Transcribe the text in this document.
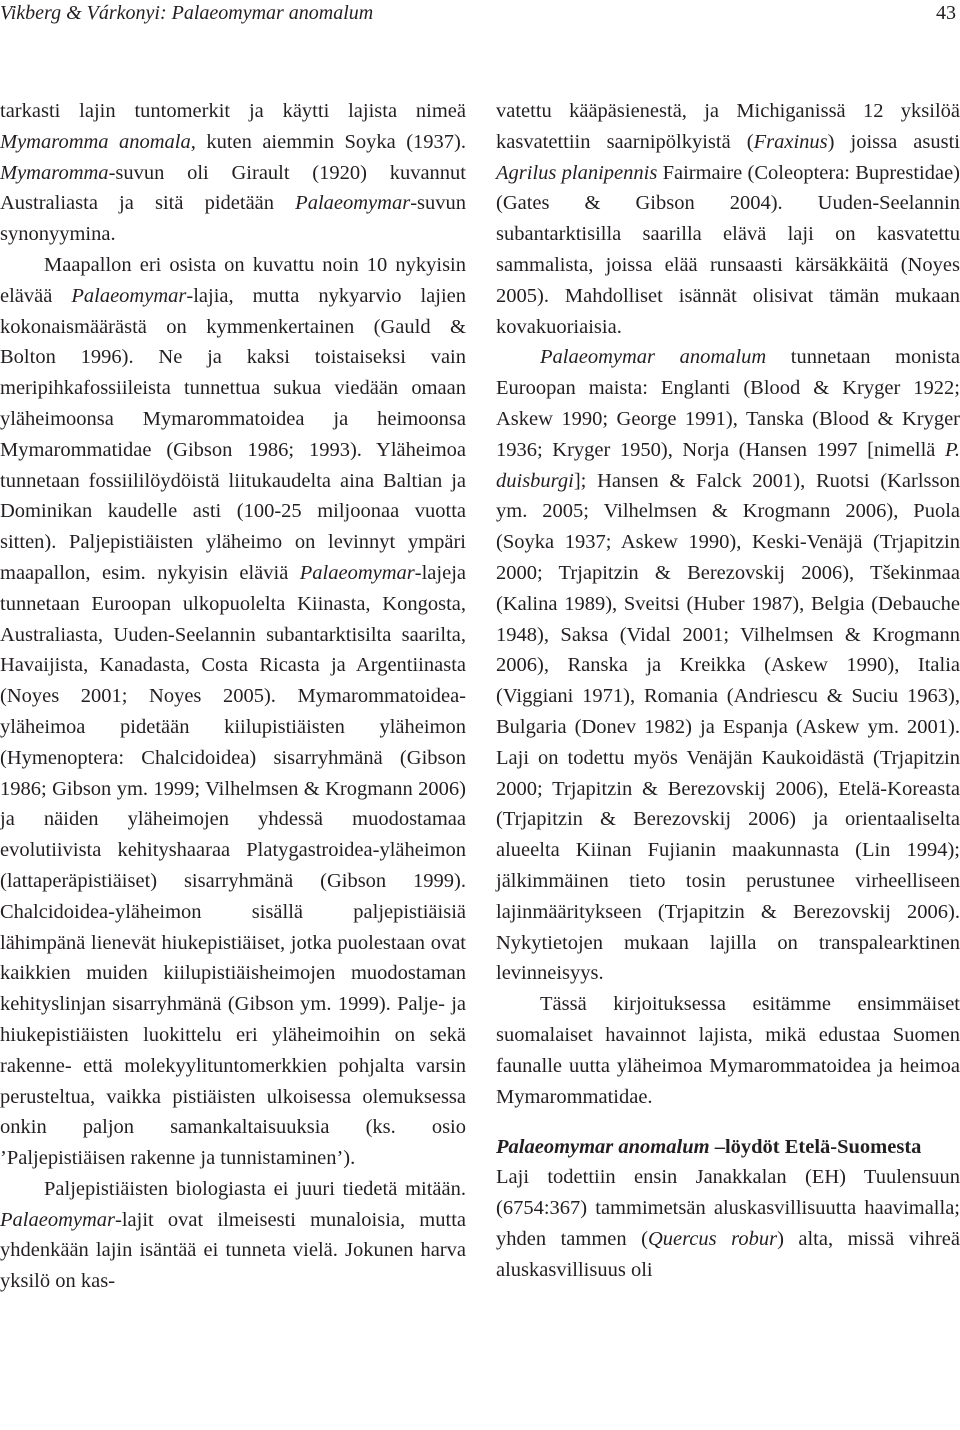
Vikberg & Várkonyi: Palaeomymar anomalum	43

tarkasti lajin tuntomerkit ja käytti lajista nimeä Mymaromma anomala, kuten aiemmin Soyka (1937). Mymaromma-suvun oli Girault (1920) kuvannut Australiasta ja sitä pidetään Palaeomymar-suvun synonyymina.

Maapallon eri osista on kuvattu noin 10 nykyisin elävää Palaeomymar-lajia, mutta nykyarvio lajien kokonaismäärästä on kymmenkertainen (Gauld & Bolton 1996). Ne ja kaksi toistaiseksi vain meripihkafossiileista tunnettua sukua viedään omaan yläheimoonsa Mymarommatoidea ja heimoonsa Mymarommatidae (Gibson 1986; 1993). Yläheimoa tunnetaan fossiililöydöistä liitukaudelta aina Baltian ja Dominikan kaudelle asti (100-25 miljoonaa vuotta sitten). Paljepistiäisten yläheimo on levinnyt ympäri maapallon, esim. nykyisin eläviä Palaeomymar-lajeja tunnetaan Euroopan ulkopuolelta Kiinasta, Kongosta, Australiasta, Uuden-Seelannin subantarktisilta saarilta, Havaijista, Kanadasta, Costa Ricasta ja Argentiinasta (Noyes 2001; Noyes 2005). Mymarommatoidea-yläheimoa pidetään kiilupistiäisten yläheimon (Hymenoptera: Chalcidoidea) sisarryhmänä (Gibson 1986; Gibson ym. 1999; Vilhelmsen & Krogmann 2006) ja näiden yläheimojen yhdessä muodostamaa evolutiivista kehityshaaraa Platygastroidea-yläheimon (lattaperäpistiäiset) sisarryhmänä (Gibson 1999). Chalcidoidea-yläheimon sisällä paljepistiäisiä lähimpänä lienevät hiukepistiäiset, jotka puolestaan ovat kaikkien muiden kiilupistiäisheimojen muodostaman kehityslinjan sisarryhmänä (Gibson ym. 1999). Palje- ja hiukepistiäisten luokittelu eri yläheimoihin on sekä rakenne- että molekyylituntomerkkien pohjalta varsin perusteltua, vaikka pistiäisten ulkoisessa olemuksessa onkin paljon samankaltaisuuksia (ks. osio ’Paljepistiäisen rakenne ja tunnistaminen’).

Paljepistiäisten biologiasta ei juuri tiedetä mitään. Palaeomymar-lajit ovat ilmeisesti munaloisia, mutta yhdenkään lajin isäntää ei tunneta vielä. Jokunen harva yksilö on kas-

vatettu kääpäsienestä, ja Michiganissä 12 yksilöä kasvatettiin saarnipölkyistä (Fraxinus) joissa asusti Agrilus planipennis Fairmaire (Coleoptera: Buprestidae)(Gates & Gibson 2004). Uuden-Seelannin subantarktisilla saarilla elävä laji on kasvatettu sammalista, joissa elää runsaasti kärsäkkäitä (Noyes 2005). Mahdolliset isännät olisivat tämän mukaan kovakuoriaisia.

Palaeomymar anomalum tunnetaan monista Euroopan maista: Englanti (Blood & Kryger 1922; Askew 1990; George 1991), Tanska (Blood & Kryger 1936; Kryger 1950), Norja (Hansen 1997 [nimellä P. duisburgi]; Hansen & Falck 2001), Ruotsi (Karlsson ym. 2005; Vilhelmsen & Krogmann 2006), Puola (Soyka 1937; Askew 1990), Keski-Venäjä (Trjapitzin 2000; Trjapitzin & Berezovskij 2006), Tšekinmaa (Kalina 1989), Sveitsi (Huber 1987), Belgia (Debauche 1948), Saksa (Vidal 2001; Vilhelmsen & Krogmann 2006), Ranska ja Kreikka (Askew 1990), Italia (Viggiani 1971), Romania (Andriescu & Suciu 1963), Bulgaria (Donev 1982) ja Espanja (Askew ym. 2001). Laji on todettu myös Venäjän Kaukoidästä (Trjapitzin 2000; Trjapitzin & Berezovskij 2006), Etelä-Koreasta (Trjapitzin & Berezovskij 2006) ja orientaaliselta alueelta Kiinan Fujianin maakunnasta (Lin 1994); jälkimmäinen tieto tosin perustunee virheelliseen lajinmääritykseen (Trjapitzin & Berezovskij 2006). Nykytietojen mukaan lajilla on transpalearktinen levinneisyys.

Tässä kirjoituksessa esitämme ensimmäiset suomalaiset havainnot lajista, mikä edustaa Suomen faunalle uutta yläheimoa Mymarommatoidea ja heimoa Mymarommatidae.

Palaeomymar anomalum –löydöt Etelä-Suomesta

Laji todettiin ensin Janakkalan (EH) Tuulensuun (6754:367) tammimetsän aluskasvillisuutta haavimalla; yhden tammen (Quercus robur) alta, missä vihreä aluskasvillisuus oli
